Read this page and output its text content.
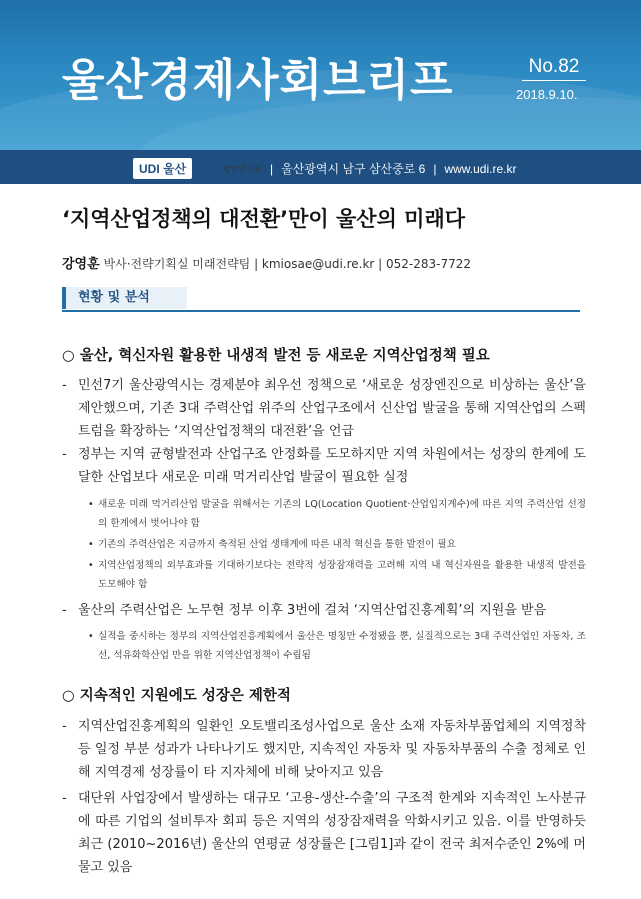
울산경제사회브리프	No.82
2018.9.10.
UDI 울산	발전연구원 | 울산광역시 남구 삼산중로 6 | www.udi.re.kr
‘지역산업정책의 대전환’만이 울산의 미래다
강영훈 박사·전략기획실 미래전략팀 | kmiosae@udi.re.kr | 052-283-7722
현황 및 분석
○ 울산, 혁신자원 활용한 내생적 발전 등 새로운 지역산업정책 필요
- 민선7기 울산광역시는 경제분야 최우선 정책으로 ‘새로운 성장엔진으로 비상하는 울산’을 제안했으며, 기존 3대 주력산업 위주의 산업구조에서 신산업 발굴을 통해 지역산업의 스펙트럼을 확장하는 ‘지역산업정책의 대전환’을 언급
- 정부는 지역 균형발전과 산업구조 안정화를 도모하지만 지역 차원에서는 성장의 한계에 도달한 산업보다 새로운 미래 먹거리산업 발굴이 필요한 실정
• 새로운 미래 먹거리산업 발굴을 위해서는 기존의 LQ(Location Quotient·산업입지계수)에 따른 지역 주력산업 선정의 한계에서 벗어나야 함
• 기존의 주력산업은 지금까지 축적된 산업 생태계에 따른 내적 혁신을 통한 발전이 필요
• 지역산업정책의 외부효과를 기대하기보다는 전략적 성장잠재력을 고려해 지역 내 혁신자원을 활용한 내생적 발전을 도모해야 함
- 울산의 주력산업은 노무현 정부 이후 3번에 걸쳐 ‘지역산업진흥계획’의 지원을 받음
• 실적을 중시하는 정부의 지역산업진흥계획에서 울산은 명칭만 수정됐을 뿐, 실질적으로는 3대 주력산업인 자동차, 조선, 석유화학산업 만을 위한 지역산업정책이 수립됨
○ 지속적인 지원에도 성장은 제한적
- 지역산업진흥계획의 일환인 오토밸리조성사업으로 울산 소재 자동차부품업체의 지역정착 등 일정 부분 성과가 나타나기도 했지만, 지속적인 자동차 및 자동차부품의 수출 정체로 인해 지역경제 성장률이 타 지자체에 비해 낮아지고 있음
- 대단위 사업장에서 발생하는 대규모 ‘고용-생산-수출’의 구조적 한계와 지속적인 노사분규에 따른 기업의 설비투자 회피 등은 지역의 성장잠재력을 악화시키고 있음. 이를 반영하듯 최근 (2010~2016년) 울산의 연평균 성장률은 [그림1]과 같이 전국 최저수준인 2%에 머물고 있음
